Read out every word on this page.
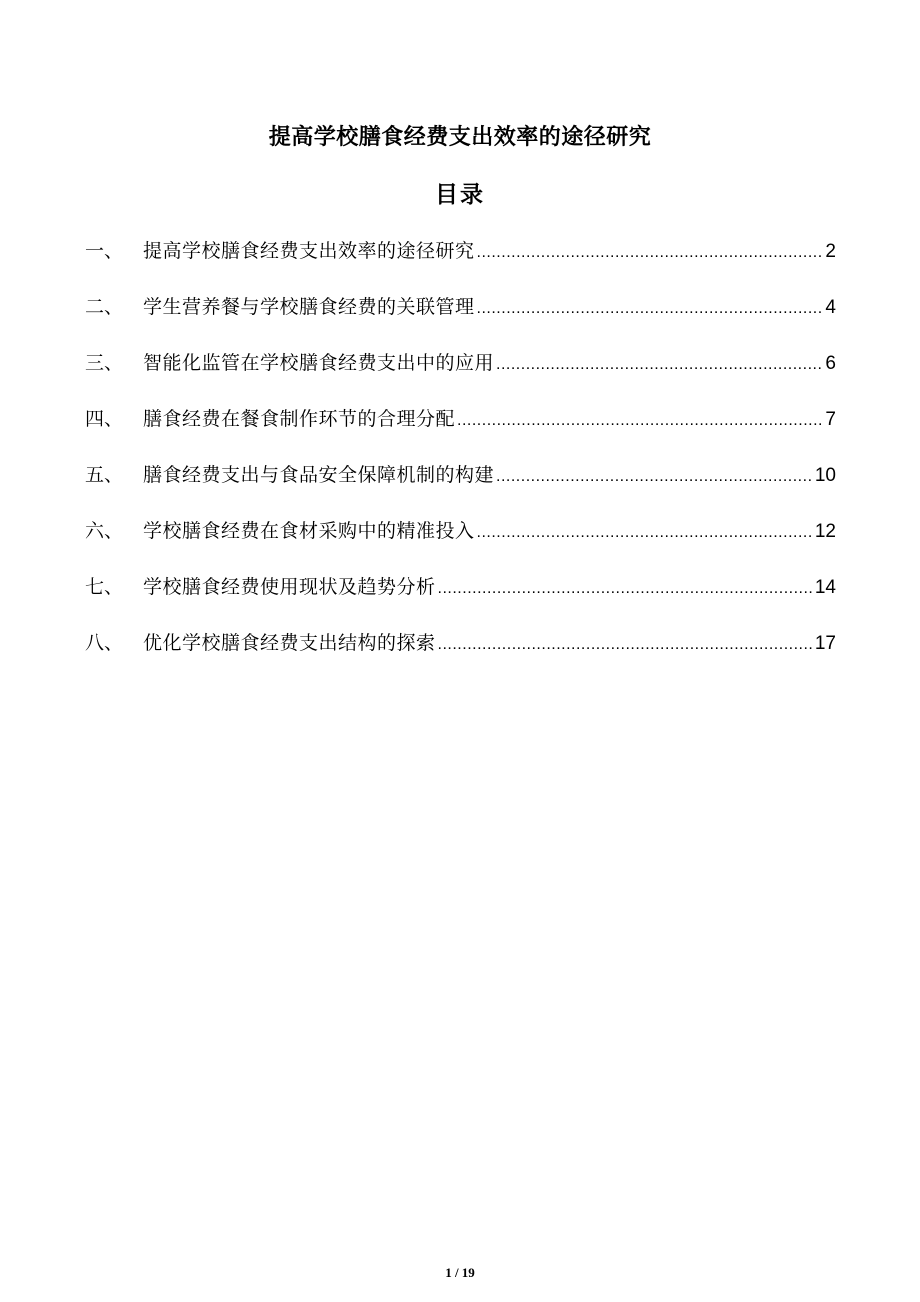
提高学校膳食经费支出效率的途径研究
目录
一、	提高学校膳食经费支出效率的途径研究 .....	2
二、	学生营养餐与学校膳食经费的关联管理 .....	4
三、	智能化监管在学校膳食经费支出中的应用 .....	6
四、	膳食经费在餐食制作环节的合理分配 .....	7
五、	膳食经费支出与食品安全保障机制的构建 .....	10
六、	学校膳食经费在食材采购中的精准投入 .....	12
七、	学校膳食经费使用现状及趋势分析 .....	14
八、	优化学校膳食经费支出结构的探索 .....	17
1 / 19
